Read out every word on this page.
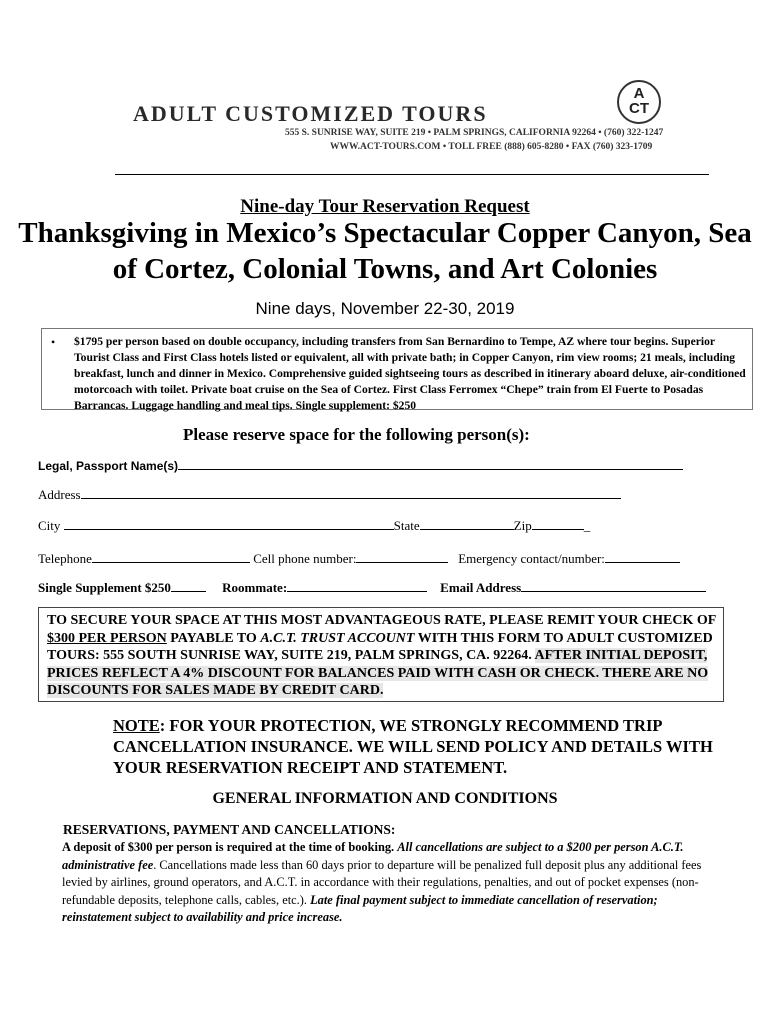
ADULT CUSTOMIZED TOURS
555 S. SUNRISE WAY, SUITE 219 • PALM SPRINGS, CALIFORNIA 92264 • (760) 322-1247
WWW.ACT-TOURS.COM • TOLL FREE (888) 605-8280 • FAX (760) 323-1709
A
CT
Nine-day Tour Reservation Request
Thanksgiving in Mexico’s Spectacular Copper Canyon, Sea
of Cortez, Colonial Towns, and Art Colonies
Nine days, November 22-30, 2019
• $1795 per person based on double occupancy, including transfers from San Bernardino to Tempe, AZ where tour begins. Superior Tourist Class and First Class hotels listed or equivalent, all with private bath; in Copper Canyon, rim view rooms; 21 meals, including breakfast, lunch and dinner in Mexico. Comprehensive guided sightseeing tours as described in itinerary aboard deluxe, air-conditioned motorcoach with toilet. Private boat cruise on the Sea of Cortez. First Class Ferromex “Chepe” train from El Fuerte to Posadas Barrancas. Luggage handling and meal tips. Single supplement: $250
Please reserve space for the following person(s):
Legal, Passport Name(s)
Address
City	State	Zip	_
Telephone	Cell phone number:	Emergency contact/number:
Single Supplement $250	Roommate:	Email Address
TO SECURE YOUR SPACE AT THIS MOST ADVANTAGEOUS RATE, PLEASE REMIT YOUR CHECK OF $300 PER PERSON PAYABLE TO A.C.T. TRUST ACCOUNT WITH THIS FORM TO ADULT CUSTOMIZED TOURS: 555 SOUTH SUNRISE WAY, SUITE 219, PALM SPRINGS, CA. 92264. AFTER INITIAL DEPOSIT, PRICES REFLECT A 4% DISCOUNT FOR BALANCES PAID WITH CASH OR CHECK. THERE ARE NO DISCOUNTS FOR SALES MADE BY CREDIT CARD.
NOTE: FOR YOUR PROTECTION, WE STRONGLY RECOMMEND TRIP CANCELLATION INSURANCE. WE WILL SEND POLICY AND DETAILS WITH YOUR RESERVATION RECEIPT AND STATEMENT.
GENERAL INFORMATION AND CONDITIONS
RESERVATIONS, PAYMENT AND CANCELLATIONS:
A deposit of $300 per person is required at the time of booking. All cancellations are subject to a $200 per person A.C.T. administrative fee. Cancellations made less than 60 days prior to departure will be penalized full deposit plus any additional fees levied by airlines, ground operators, and A.C.T. in accordance with their regulations, penalties, and out of pocket expenses (non-refundable deposits, telephone calls, cables, etc.). Late final payment subject to immediate cancellation of reservation; reinstatement subject to availability and price increase.
